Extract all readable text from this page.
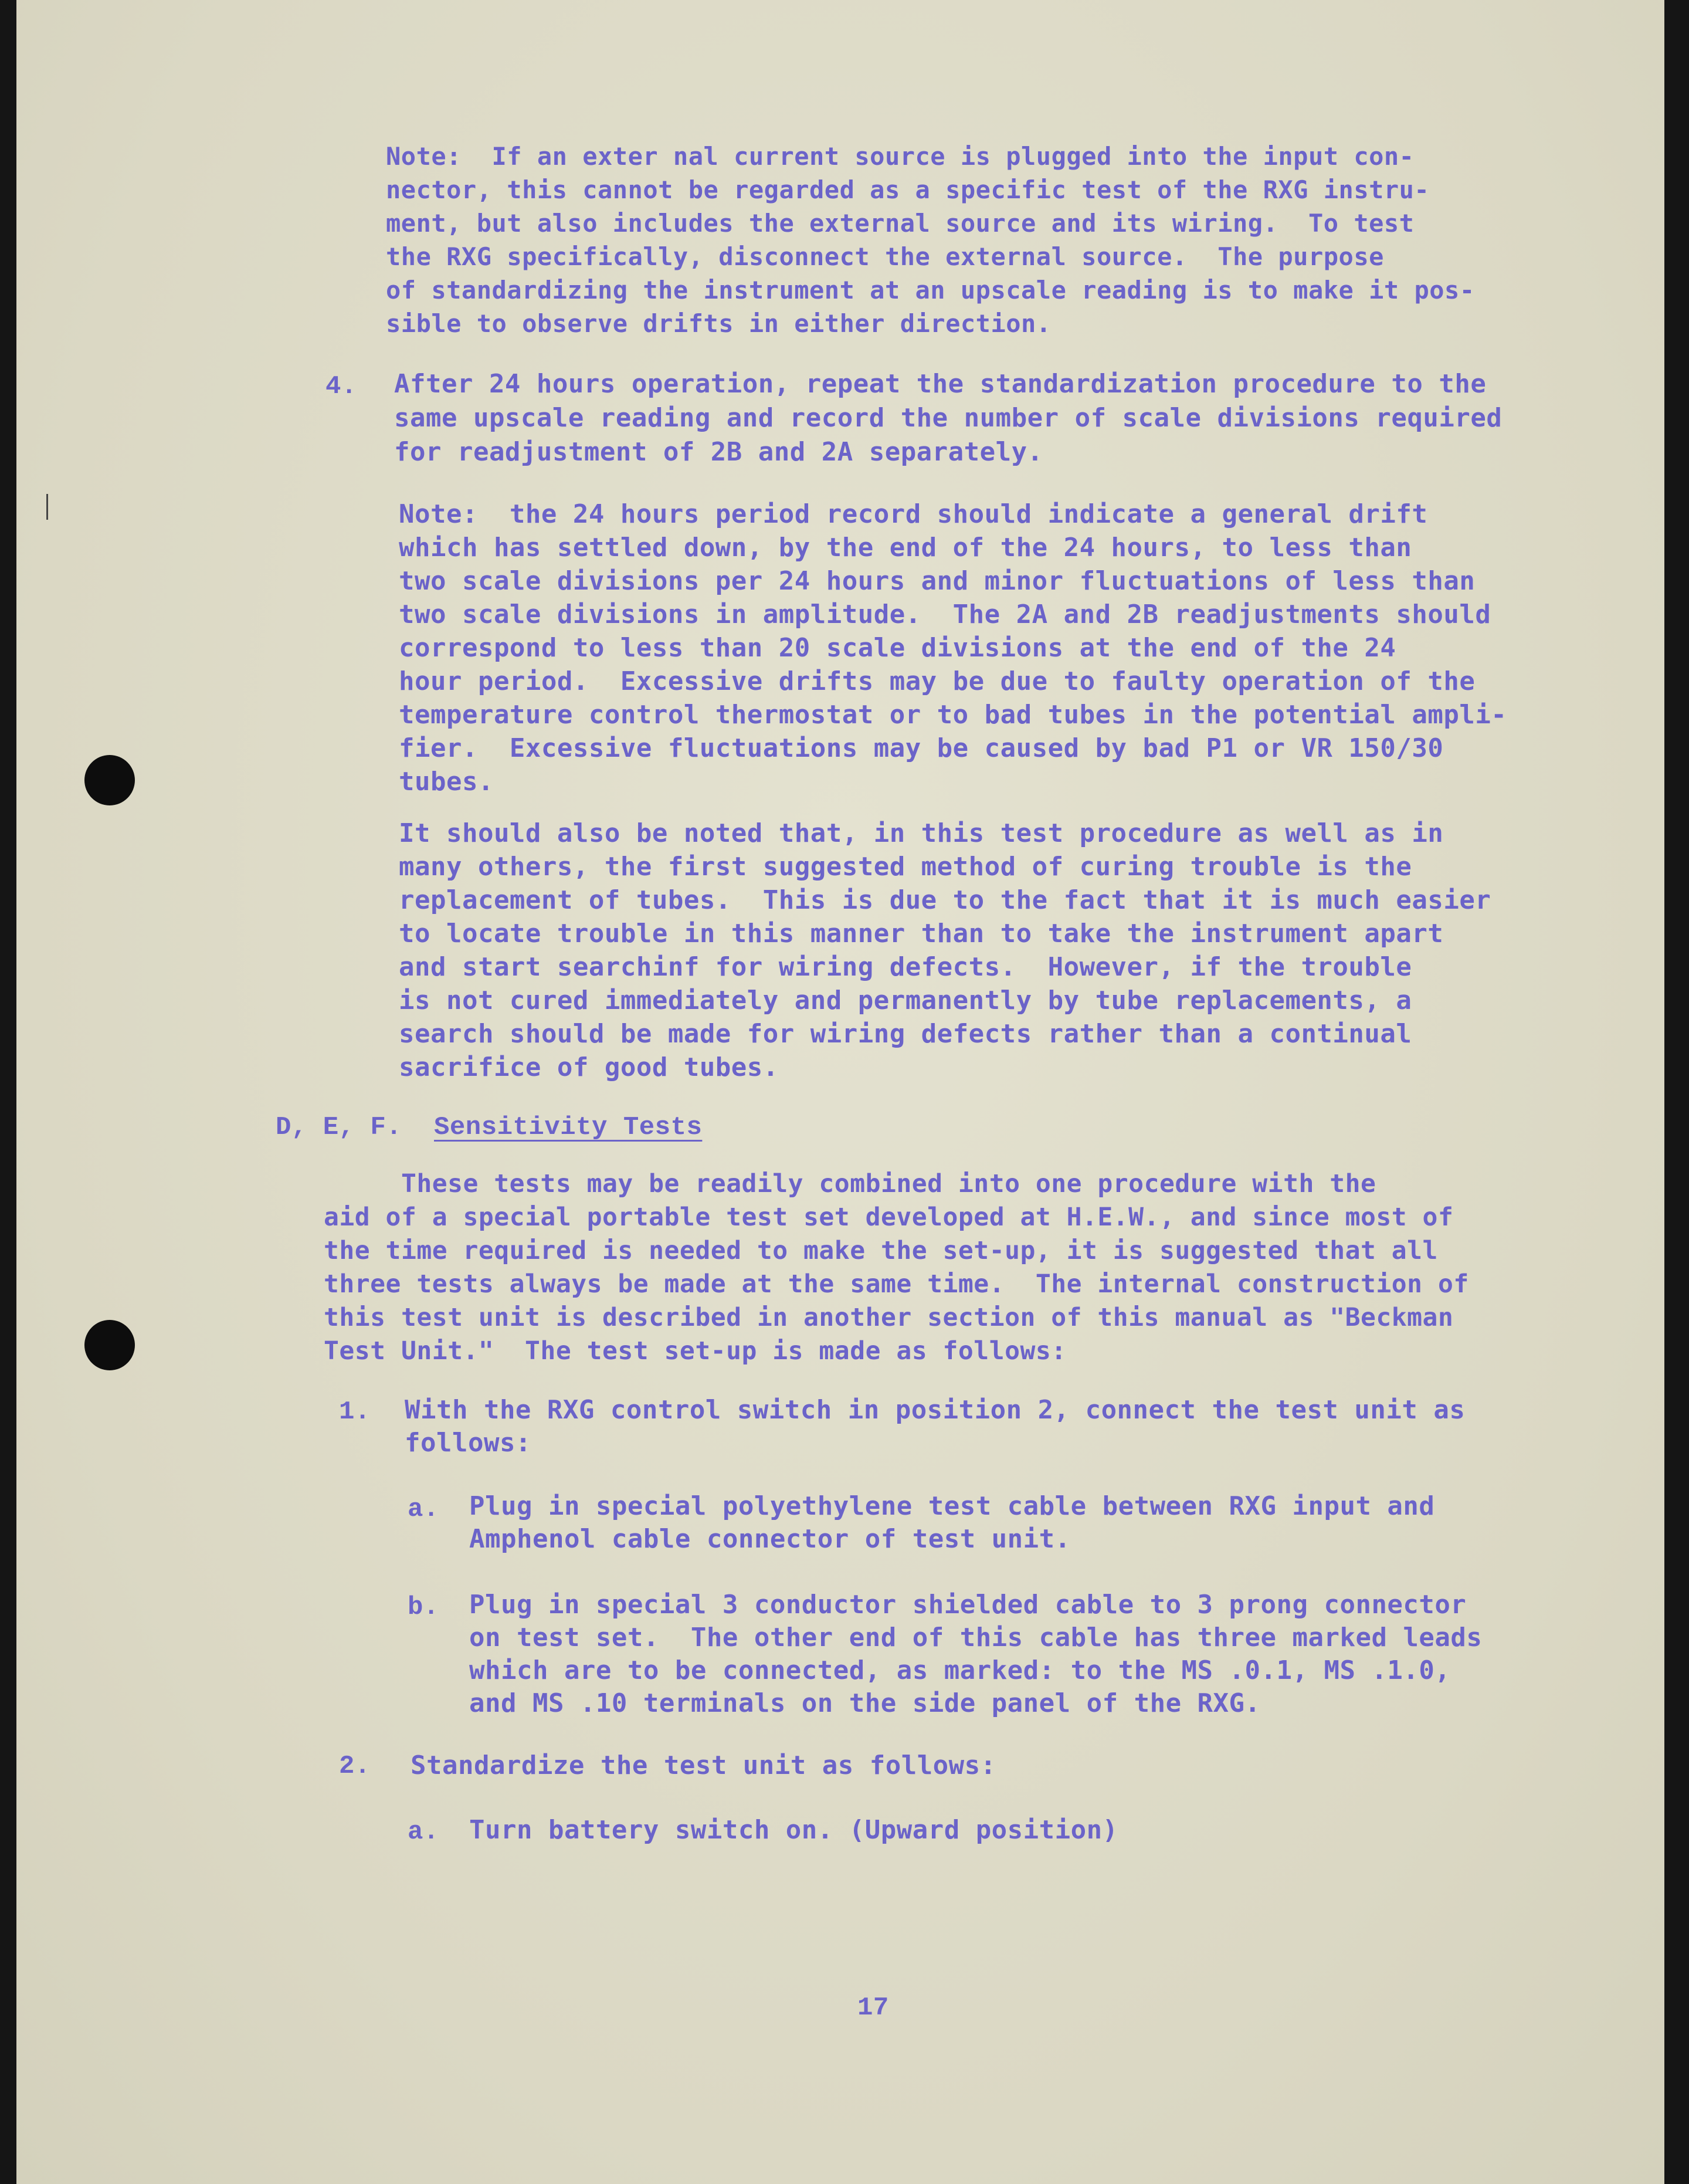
Note:  If an exter nal current source is plugged into the input con-
nector, this cannot be regarded as a specific test of the RXG instru-
ment, but also includes the external source and its wiring.  To test
the RXG specifically, disconnect the external source.  The purpose
of standardizing the instrument at an upscale reading is to make it pos-
sible to observe drifts in either direction.
4. After 24 hours operation, repeat the standardization procedure to the
same upscale reading and record the number of scale divisions required
for readjustment of 2B and 2A separately.
Note:  the 24 hours period record should indicate a general drift
which has settled down, by the end of the 24 hours, to less than
two scale divisions per 24 hours and minor fluctuations of less than
two scale divisions in amplitude.  The 2A and 2B readjustments should
correspond to less than 20 scale divisions at the end of the 24
hour period.  Excessive drifts may be due to faulty operation of the
temperature control thermostat or to bad tubes in the potential ampli-
fier.  Excessive fluctuations may be caused by bad P1 or VR 150/30
tubes.
It should also be noted that, in this test procedure as well as in
many others, the first suggested method of curing trouble is the
replacement of tubes.  This is due to the fact that it is much easier
to locate trouble in this manner than to take the instrument apart
and start searchinf for wiring defects.  However, if the trouble
is not cured immediately and permanently by tube replacements, a
search should be made for wiring defects rather than a continual
sacrifice of good tubes.
D, E, F. Sensitivity Tests
These tests may be readily combined into one procedure with the
aid of a special portable test set developed at H.E.W., and since most of
the time required is needed to make the set-up, it is suggested that all
three tests always be made at the same time.  The internal construction of
this test unit is described in another section of this manual as "Beckman
Test Unit."  The test set-up is made as follows:
1. With the RXG control switch in position 2, connect the test unit as
follows:
a. Plug in special polyethylene test cable between RXG input and
Amphenol cable connector of test unit.
b. Plug in special 3 conductor shielded cable to 3 prong connector
on test set.  The other end of this cable has three marked leads
which are to be connected, as marked: to the MS .0.1, MS .1.0,
and MS .10 terminals on the side panel of the RXG.
2. Standardize the test unit as follows:
a. Turn battery switch on. (Upward position)
17
